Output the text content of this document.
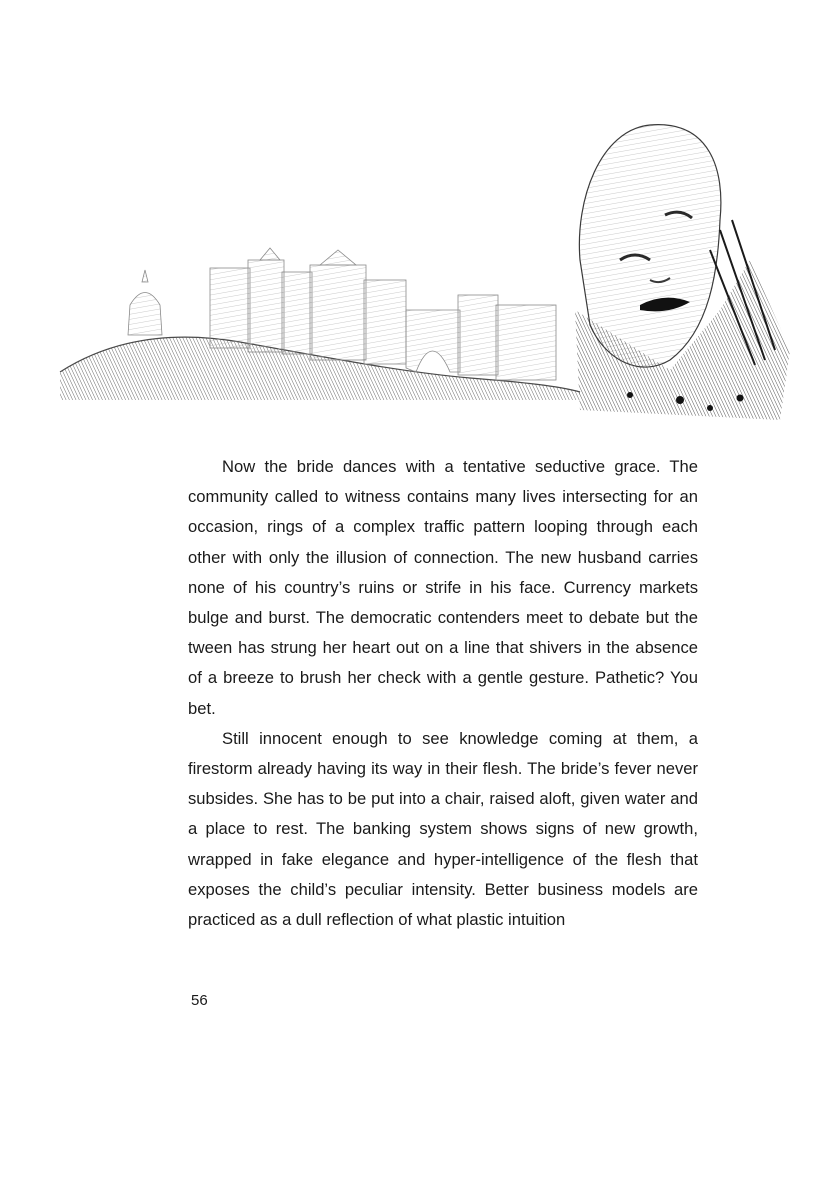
Now the bride dances with a tentative seductive grace. The community called to witness contains many lives intersecting for an occasion, rings of a complex traffic pattern looping through each other with only the illusion of connection. The new husband carries none of his country’s ruins or strife in his face. Currency markets bulge and burst. The democratic contenders meet to debate but the tween has strung her heart out on a line that shivers in the absence of a breeze to brush her check with a gentle gesture. Pathetic? You bet.

Still innocent enough to see knowledge coming at them, a firestorm already having its way in their flesh. The bride’s fever never subsides. She has to be put into a chair, raised aloft, given water and a place to rest. The banking system shows signs of new growth, wrapped in fake elegance and hyper-intelligence of the flesh that exposes the child’s peculiar intensity. Better business models are practiced as a dull reflection of what plastic intuition

56
